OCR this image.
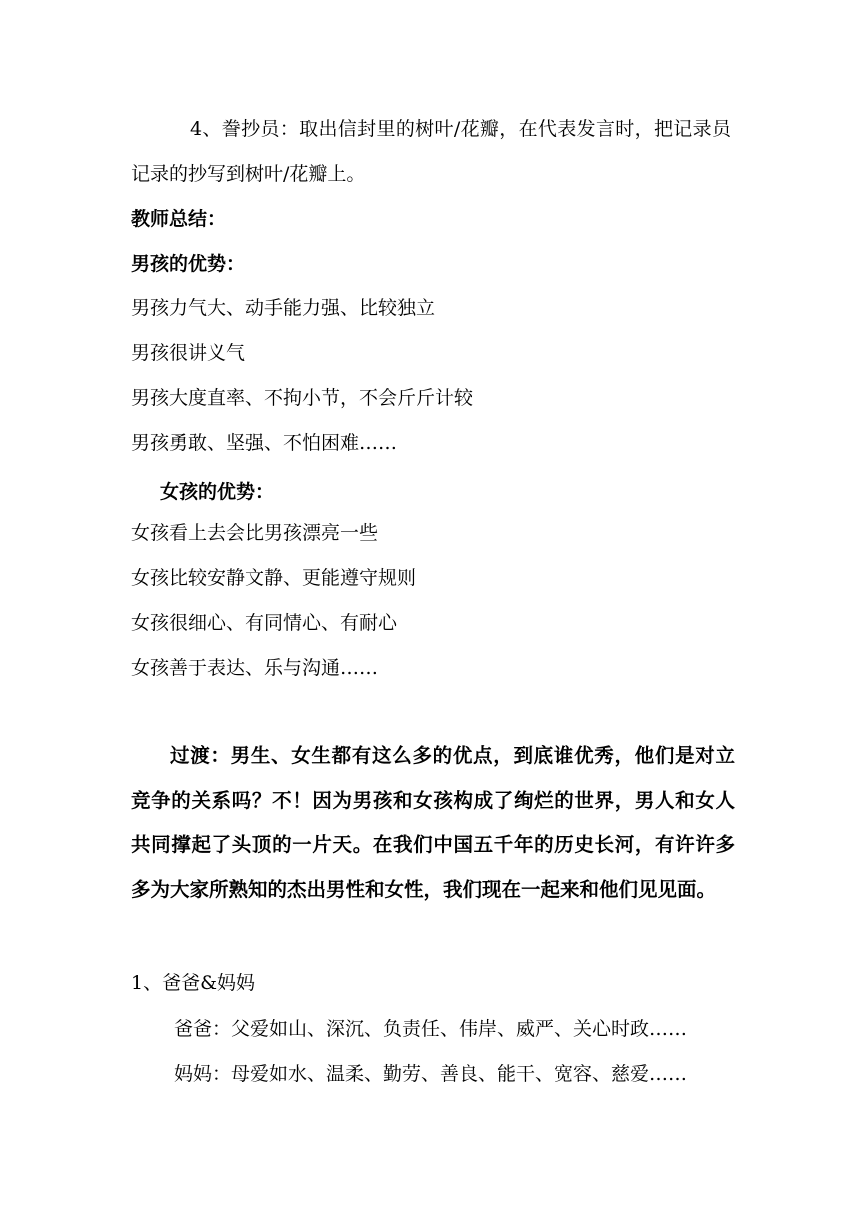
4、誊抄员：取出信封里的树叶/花瓣，在代表发言时，把记录员记录的抄写到树叶/花瓣上。

教师总结：
男孩的优势：
男孩力气大、动手能力强、比较独立
男孩很讲义气
男孩大度直率、不拘小节，不会斤斤计较
男孩勇敢、坚强、不怕困难……
女孩的优势：
女孩看上去会比男孩漂亮一些
女孩比较安静文静、更能遵守规则
女孩很细心、有同情心、有耐心
女孩善于表达、乐与沟通……

过渡：男生、女生都有这么多的优点，到底谁优秀，他们是对立竞争的关系吗？不！因为男孩和女孩构成了绚烂的世界，男人和女人共同撑起了头顶的一片天。在我们中国五千年的历史长河，有许许多多为大家所熟知的杰出男性和女性，我们现在一起来和他们见见面。

1、爸爸&妈妈
爸爸：父爱如山、深沉、负责任、伟岸、威严、关心时政……
妈妈：母爱如水、温柔、勤劳、善良、能干、宽容、慈爱……
